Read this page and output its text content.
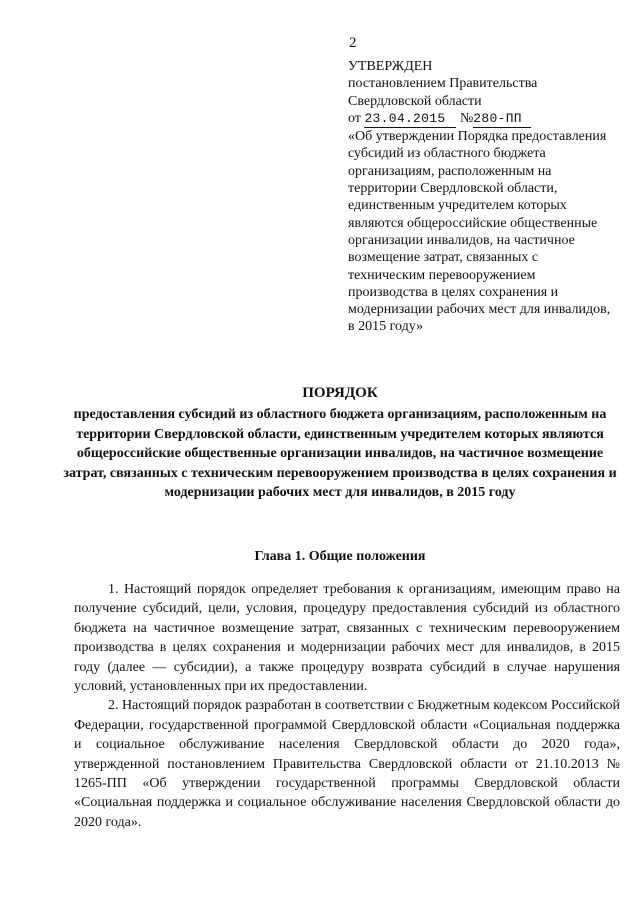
2
УТВЕРЖДЕН
постановлением Правительства
Свердловской области
от 23.04.2015 №280-ПП
«Об утверждении Порядка предоставления субсидий из областного бюджета организациям, расположенным на территории Свердловской области, единственным учредителем которых являются общероссийские общественные организации инвалидов, на частичное возмещение затрат, связанных с техническим перевооружением производства в целях сохранения и модернизации рабочих мест для инвалидов, в 2015 году»
ПОРЯДОК
предоставления субсидий из областного бюджета организациям, расположенным на территории Свердловской области, единственным учредителем которых являются общероссийские общественные организации инвалидов, на частичное возмещение затрат, связанных с техническим перевооружением производства в целях сохранения и модернизации рабочих мест для инвалидов, в 2015 году
Глава 1. Общие положения

1. Настоящий порядок определяет требования к организациям, имеющим право на получение субсидий, цели, условия, процедуру предоставления субсидий из областного бюджета на частичное возмещение затрат, связанных с техническим перевооружением производства в целях сохранения и модернизации рабочих мест для инвалидов, в 2015 году (далее — субсидии), а также процедуру возврата субсидий в случае нарушения условий, установленных при их предоставлении.

2. Настоящий порядок разработан в соответствии с Бюджетным кодексом Российской Федерации, государственной программой Свердловской области «Социальная поддержка и социальное обслуживание населения Свердловской области до 2020 года», утвержденной постановлением Правительства Свердловской области от 21.10.2013 № 1265-ПП «Об утверждении государственной программы Свердловской области «Социальная поддержка и социальное обслуживание населения Свердловской области до 2020 года».
